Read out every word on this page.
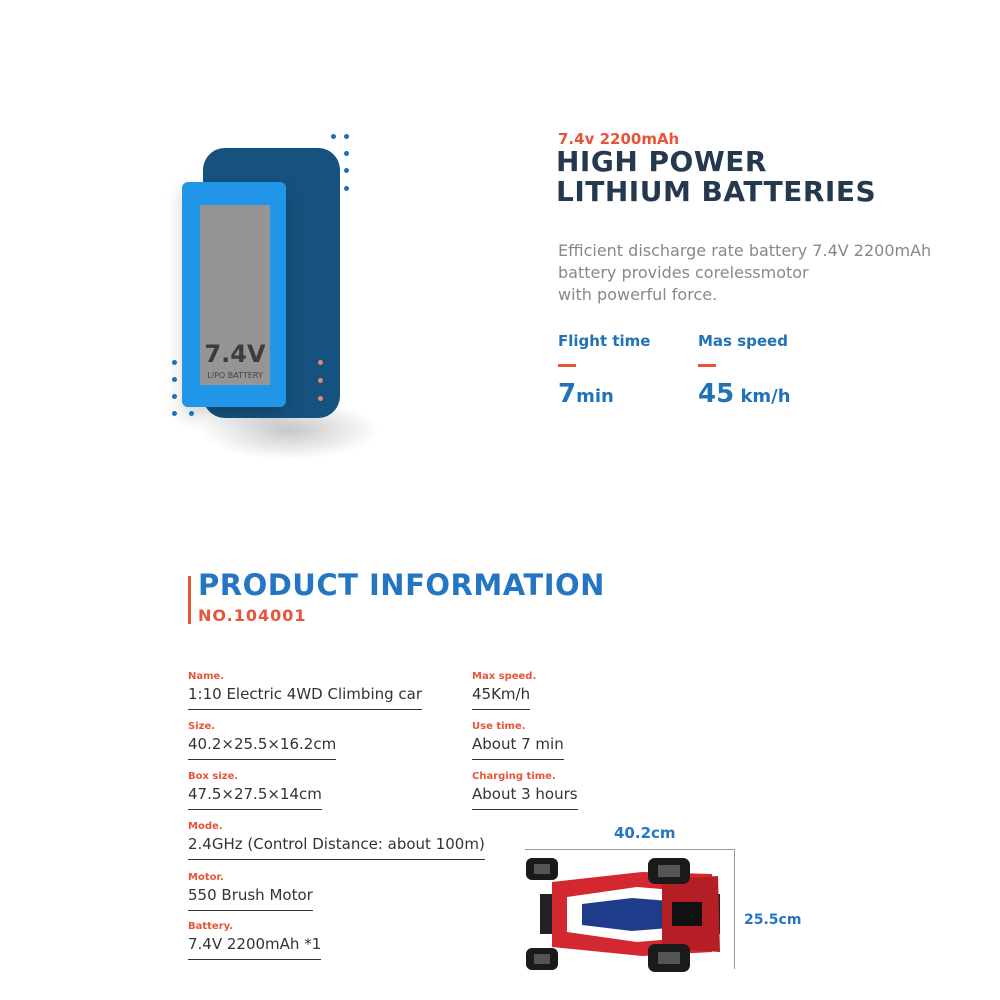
7.4V
LIPO BATTERY
7.4v 2200mAh
HIGH POWER
LITHIUM BATTERIES
Efficient discharge rate battery 7.4V 2200mAh
battery provides corelessmotor
with powerful force.
Flight time
7min
Mas speed
45 km/h
PRODUCT INFORMATION
NO.104001
Name.
1:10 Electric 4WD Climbing car
Size.
40.2×25.5×16.2cm
Box size.
47.5×27.5×14cm
Mode.
2.4GHz (Control Distance: about 100m)
Motor.
550 Brush Motor
Battery.
7.4V 2200mAh *1
Max speed.
45Km/h
Use time.
About 7 min
Charging time.
About 3 hours
40.2cm
25.5cm
